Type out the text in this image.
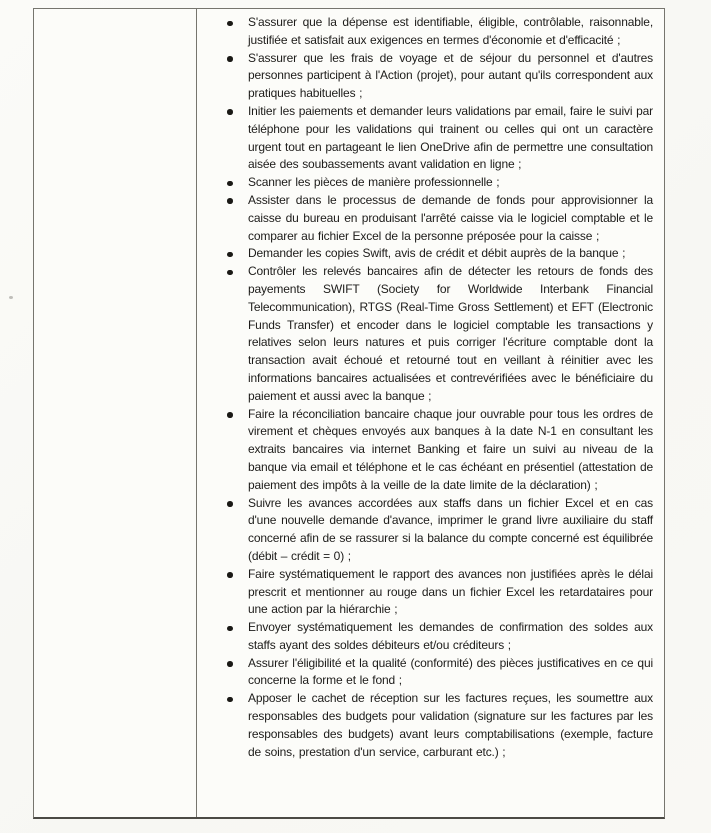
S'assurer que la dépense est identifiable, éligible, contrôlable, raisonnable, justifiée et satisfait aux exigences en termes d'économie et d'efficacité ;
S'assurer que les frais de voyage et de séjour du personnel et d'autres personnes participent à l'Action (projet), pour autant qu'ils correspondent aux pratiques habituelles ;
Initier les paiements et demander leurs validations par email, faire le suivi par téléphone pour les validations qui trainent ou celles qui ont un caractère urgent tout en partageant le lien OneDrive afin de permettre une consultation aisée des soubassements avant validation en ligne ;
Scanner les pièces de manière professionnelle ;
Assister dans le processus de demande de fonds pour approvisionner la caisse du bureau en produisant l'arrêté caisse via le logiciel comptable et le comparer au fichier Excel de la personne préposée pour la caisse ;
Demander les copies Swift, avis de crédit et débit auprès de la banque ;
Contrôler les relevés bancaires afin de détecter les retours de fonds des payements SWIFT (Society for Worldwide Interbank Financial Telecommunication), RTGS (Real-Time Gross Settlement) et EFT (Electronic Funds Transfer) et encoder dans le logiciel comptable les transactions y relatives selon leurs natures et puis corriger l'écriture comptable dont la transaction avait échoué et retourné tout en veillant à réinitier avec les informations bancaires actualisées et contrevérifiées avec le bénéficiaire du paiement et aussi avec la banque ;
Faire la réconciliation bancaire chaque jour ouvrable pour tous les ordres de virement et chèques envoyés aux banques à la date N-1 en consultant les extraits bancaires via internet Banking et faire un suivi au niveau de la banque via email et téléphone et le cas échéant en présentiel (attestation de paiement des impôts à la veille de la date limite de la déclaration) ;
Suivre les avances accordées aux staffs dans un fichier Excel et en cas d'une nouvelle demande d'avance, imprimer le grand livre auxiliaire du staff concerné afin de se rassurer si la balance du compte concerné est équilibrée (débit – crédit = 0) ;
Faire systématiquement le rapport des avances non justifiées après le délai prescrit et mentionner au rouge dans un fichier Excel les retardataires pour une action par la hiérarchie ;
Envoyer systématiquement les demandes de confirmation des soldes aux staffs ayant des soldes débiteurs et/ou créditeurs ;
Assurer l'éligibilité et la qualité (conformité) des pièces justificatives en ce qui concerne la forme et le fond ;
Apposer le cachet de réception sur les factures reçues, les soumettre aux responsables des budgets pour validation (signature sur les factures par les responsables des budgets) avant leurs comptabilisations (exemple, facture de soins, prestation d'un service, carburant etc.) ;
